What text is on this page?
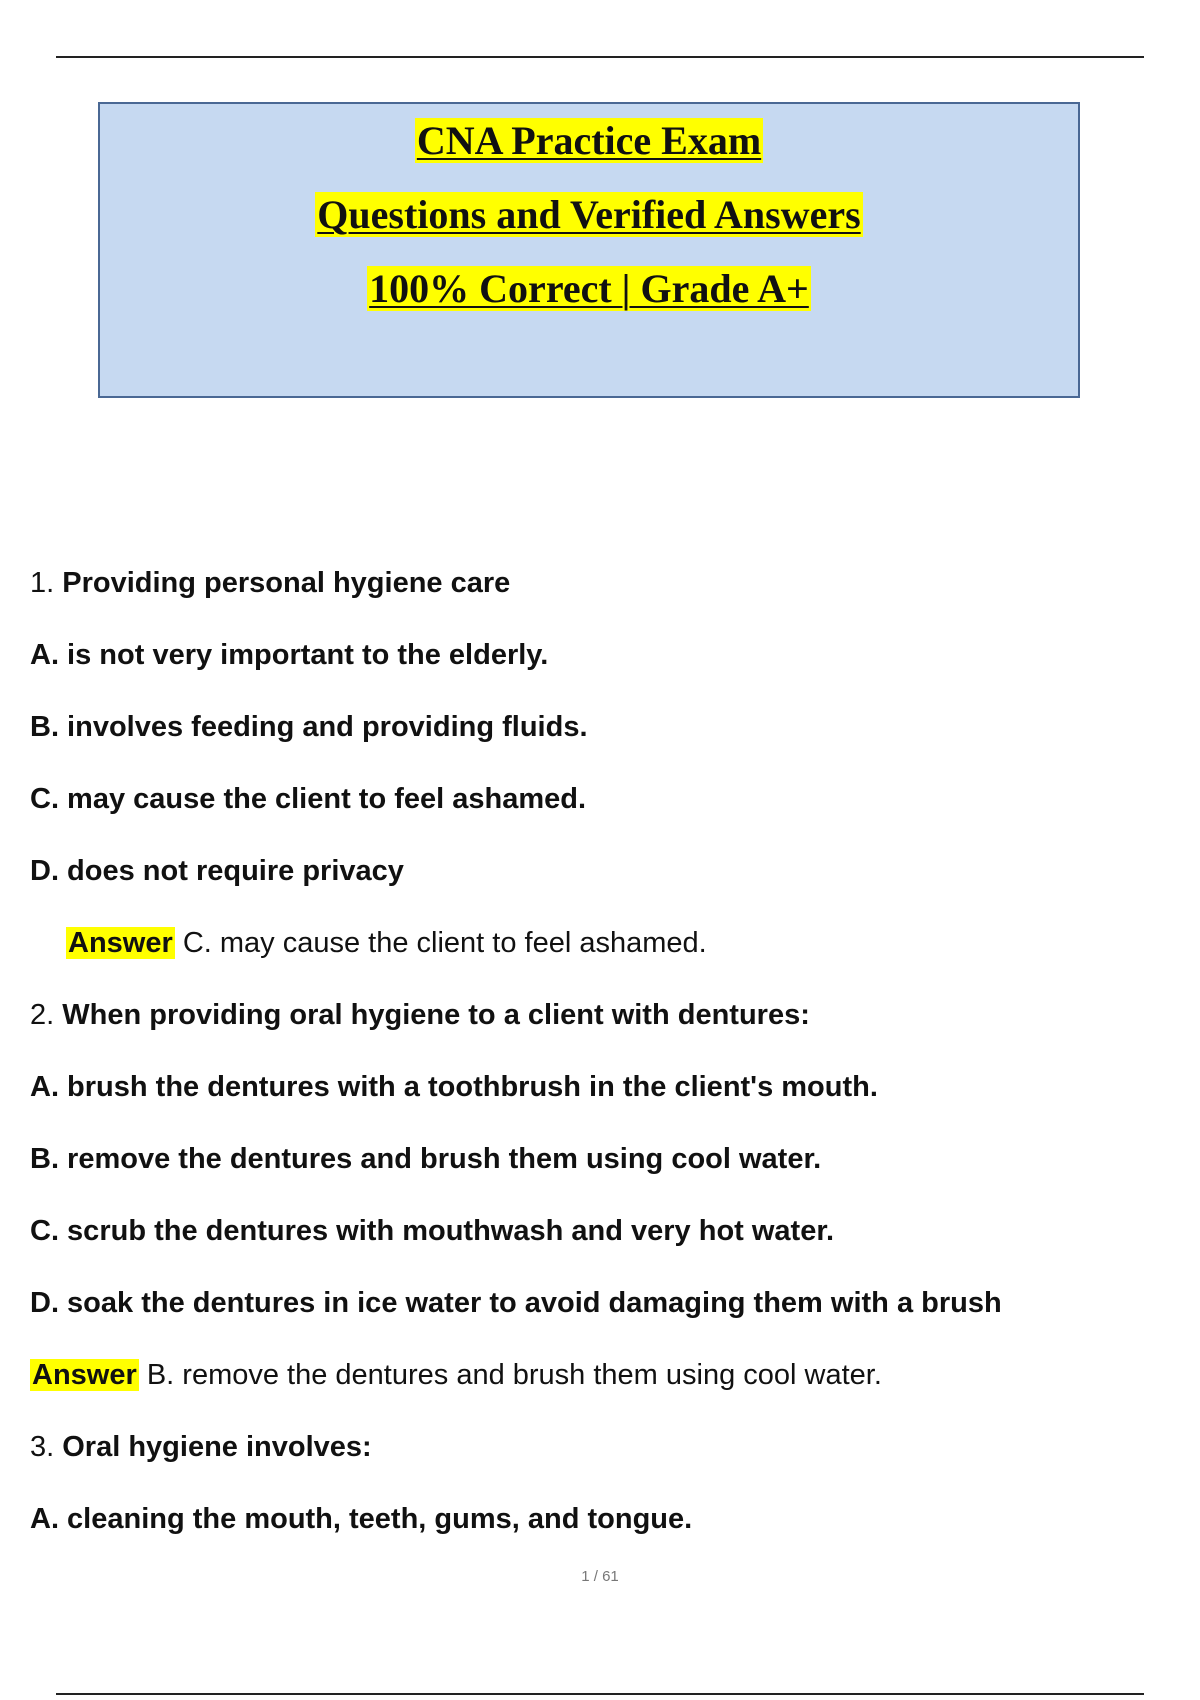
CNA Practice Exam
Questions and Verified Answers
100% Correct | Grade A+
1. Providing personal hygiene care
A. is not very important to the elderly.
B. involves feeding and providing fluids.
C. may cause the client to feel ashamed.
D. does not require privacy
Answer C. may cause the client to feel ashamed.
2. When providing oral hygiene to a client with dentures:
A. brush the dentures with a toothbrush in the client's mouth.
B. remove the dentures and brush them using cool water.
C. scrub the dentures with mouthwash and very hot water.
D. soak the dentures in ice water to avoid damaging them with a brush
Answer B. remove the dentures and brush them using cool water.
3. Oral hygiene involves:
A. cleaning the mouth, teeth, gums, and tongue.
1 / 61
